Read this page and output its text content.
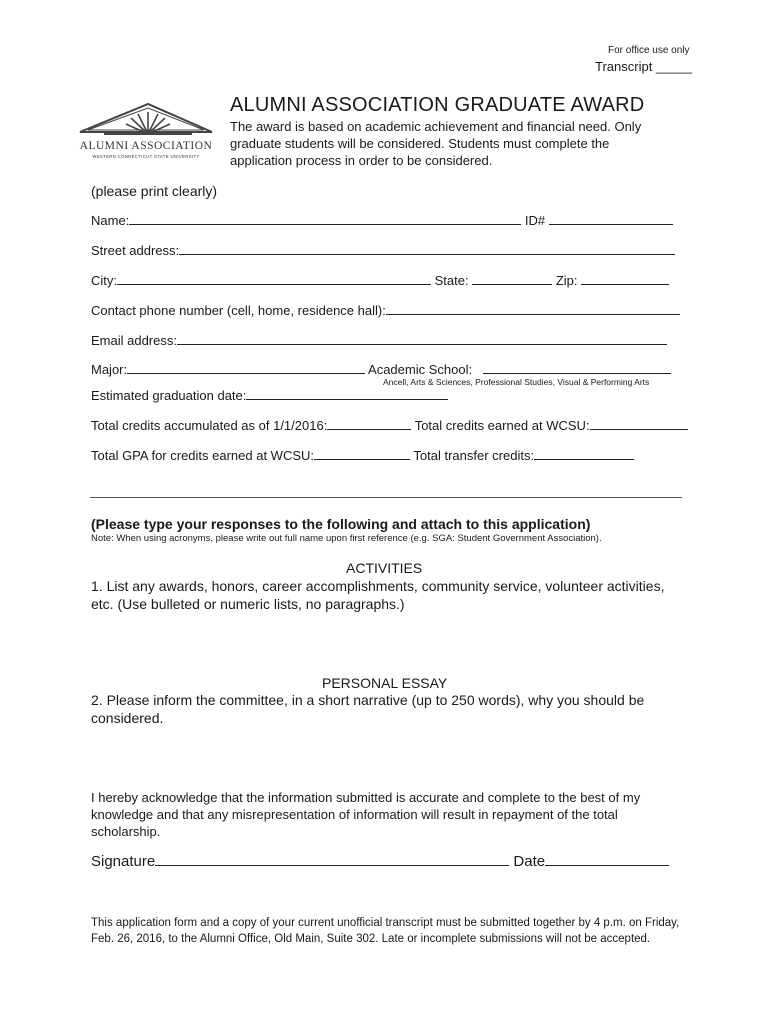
For office use only
Transcript _____
ALUMNI ASSOCIATION
WESTERN CONNECTICUT STATE UNIVERSITY
ALUMNI ASSOCIATION GRADUATE AWARD
The award is based on academic achievement and financial need. Only graduate students will be considered. Students must complete the application process in order to be considered.
(please print clearly)
Name:	ID#
Street address:
City:	State:	Zip:
Contact phone number (cell, home, residence hall):
Email address:
Major:	Academic School:
Ancell, Arts & Sciences, Professional Studies, Visual & Performing Arts
Estimated graduation date:
Total credits accumulated as of 1/1/2016:	Total credits earned at WCSU:
Total GPA for credits earned at WCSU:	Total transfer credits:
(Please type your responses to the following and attach to this application)
Note: When using acronyms, please write out full name upon first reference (e.g. SGA: Student Government Association).
ACTIVITIES
1. List any awards, honors, career accomplishments, community service, volunteer activities, etc. (Use bulleted or numeric lists, no paragraphs.)
PERSONAL ESSAY
2. Please inform the committee, in a short narrative (up to 250 words), why you should be considered.
I hereby acknowledge that the information submitted is accurate and complete to the best of my knowledge and that any misrepresentation of information will result in repayment of the total scholarship.
Signature	Date
This application form and a copy of your current unofficial transcript must be submitted together by 4 p.m. on Friday, Feb. 26, 2016, to the Alumni Office, Old Main, Suite 302. Late or incomplete submissions will not be accepted.
